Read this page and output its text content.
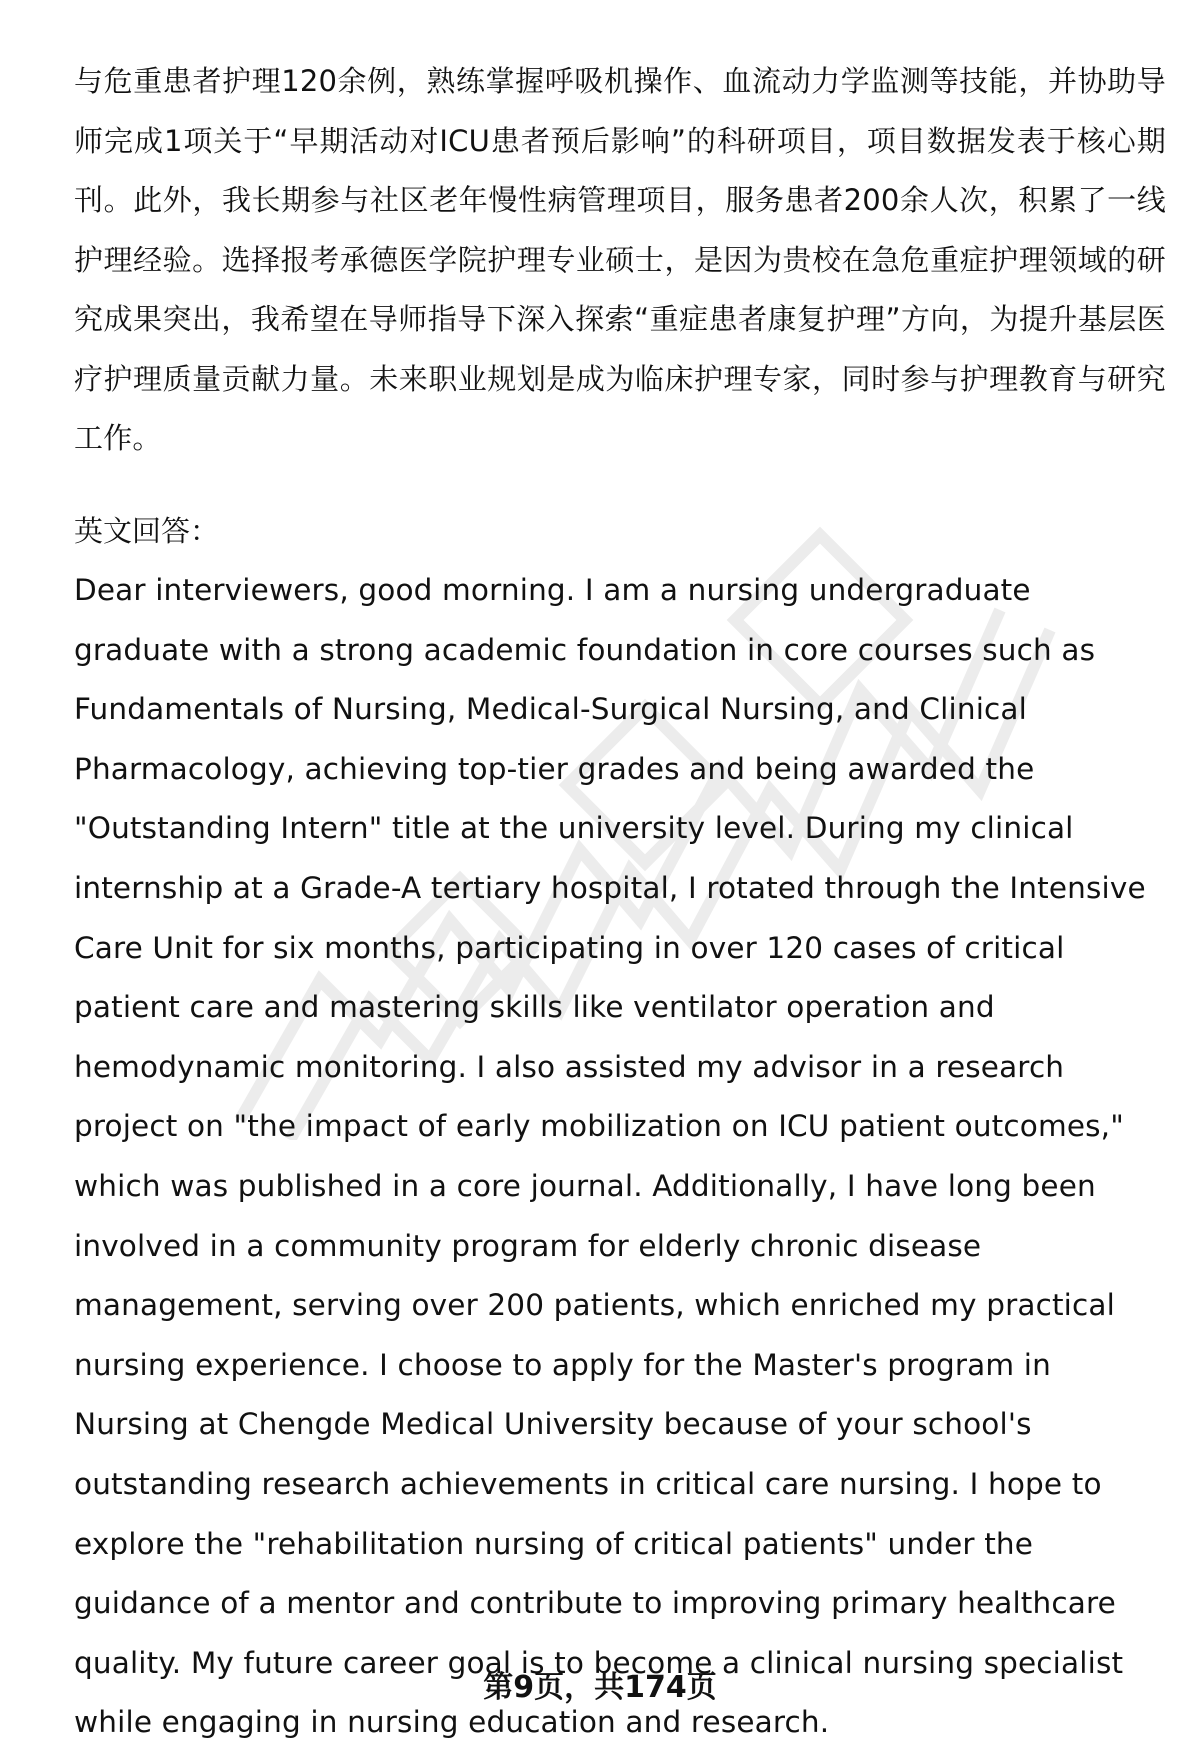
与危重患者护理120余例，熟练掌握呼吸机操作、血流动力学监测等技能，并协助导师完成1项关于“早期活动对ICU患者预后影响”的科研项目，项目数据发表于核心期刊。此外，我长期参与社区老年慢性病管理项目，服务患者200余人次，积累了一线护理经验。选择报考承德医学院护理专业硕士，是因为贵校在急危重症护理领域的研究成果突出，我希望在导师指导下深入探索“重症患者康复护理”方向，为提升基层医疗护理质量贡献力量。未来职业规划是成为临床护理专家，同时参与护理教育与研究工作。

英文回答：

Dear interviewers, good morning. I am a nursing undergraduate graduate with a strong academic foundation in core courses such as Fundamentals of Nursing, Medical-Surgical Nursing, and Clinical Pharmacology, achieving top-tier grades and being awarded the "Outstanding Intern" title at the university level. During my clinical internship at a Grade-A tertiary hospital, I rotated through the Intensive Care Unit for six months, participating in over 120 cases of critical patient care and mastering skills like ventilator operation and hemodynamic monitoring. I also assisted my advisor in a research project on "the impact of early mobilization on ICU patient outcomes," which was published in a core journal. Additionally, I have long been involved in a community program for elderly chronic disease management, serving over 200 patients, which enriched my practical nursing experience. I choose to apply for the Master's program in Nursing at Chengde Medical University because of your school's outstanding research achievements in critical care nursing. I hope to explore the "rehabilitation nursing of critical patients" under the guidance of a mentor and contribute to improving primary healthcare quality. My future career goal is to become a clinical nursing specialist while engaging in nursing education and research.

第9页，共174页
